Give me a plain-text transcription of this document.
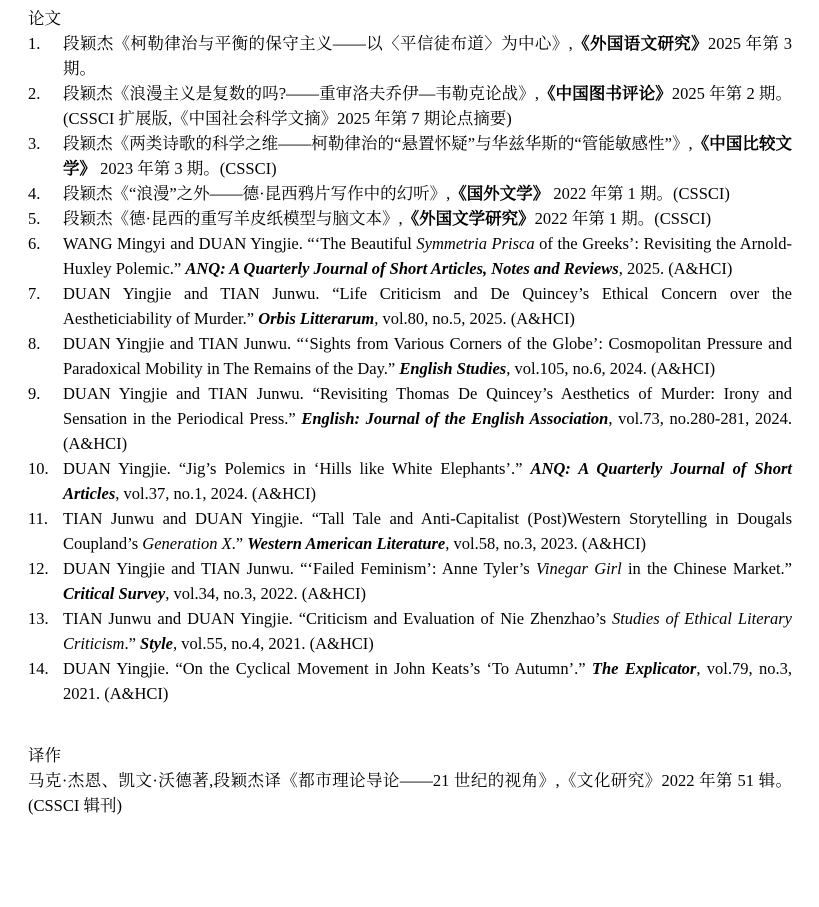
论文
1.	段颖杰《柯勒律治与平衡的保守主义——以〈平信徒布道〉为中心》,《外国语文研究》2025 年第 3 期。
2.	段颖杰《浪漫主义是复数的吗?——重审洛夫乔伊—韦勒克论战》,《中国图书评论》2025 年第 2 期。(CSSCI 扩展版,《中国社会科学文摘》2025 年第 7 期论点摘要)
3.	段颖杰《两类诗歌的科学之维——柯勒律治的“悬置怀疑”与华兹华斯的“管能敏感性”》,《中国比较文学》 2023 年第 3 期。(CSSCI)
4.	段颖杰《“浪漫”之外——德·昆西鸦片写作中的幻听》,《国外文学》 2022 年第 1 期。(CSSCI)
5.	段颖杰《德·昆西的重写羊皮纸模型与脑文本》,《外国文学研究》2022 年第 1 期。(CSSCI)
6.	WANG Mingyi and DUAN Yingjie. “‘The Beautiful Symmetria Prisca of the Greeks’: Revisiting the Arnold-Huxley Polemic.” ANQ: A Quarterly Journal of Short Articles, Notes and Reviews, 2025. (A&HCI)
7.	DUAN Yingjie and TIAN Junwu. “Life Criticism and De Quincey’s Ethical Concern over the Aestheticiability of Murder.” Orbis Litterarum, vol.80, no.5, 2025. (A&HCI)
8.	DUAN Yingjie and TIAN Junwu. “‘Sights from Various Corners of the Globe’: Cosmopolitan Pressure and Paradoxical Mobility in The Remains of the Day.” English Studies, vol.105, no.6, 2024. (A&HCI)
9.	DUAN Yingjie and TIAN Junwu. “Revisiting Thomas De Quincey’s Aesthetics of Murder: Irony and Sensation in the Periodical Press.” English: Journal of the English Association, vol.73, no.280-281, 2024. (A&HCI)
10. DUAN Yingjie. “Jig’s Polemics in ‘Hills like White Elephants’.” ANQ: A Quarterly Journal of Short Articles, vol.37, no.1, 2024. (A&HCI)
11. TIAN Junwu and DUAN Yingjie. “Tall Tale and Anti-Capitalist (Post)Western Storytelling in Dougals Coupland’s Generation X.” Western American Literature, vol.58, no.3, 2023. (A&HCI)
12. DUAN Yingjie and TIAN Junwu. “‘Failed Feminism’: Anne Tyler’s Vinegar Girl in the Chinese Market.” Critical Survey, vol.34, no.3, 2022. (A&HCI)
13. TIAN Junwu and DUAN Yingjie. “Criticism and Evaluation of Nie Zhenzhao’s Studies of Ethical Literary Criticism.” Style, vol.55, no.4, 2021. (A&HCI)
14. DUAN Yingjie. “On the Cyclical Movement in John Keats’s ‘To Autumn’.” The Explicator, vol.79, no.3, 2021. (A&HCI)
译作
马克·杰恩、凯文·沃德著,段颖杰译《都市理论导论——21 世纪的视角》,《文化研究》2022 年第 51 辑。(CSSCI 辑刊)
